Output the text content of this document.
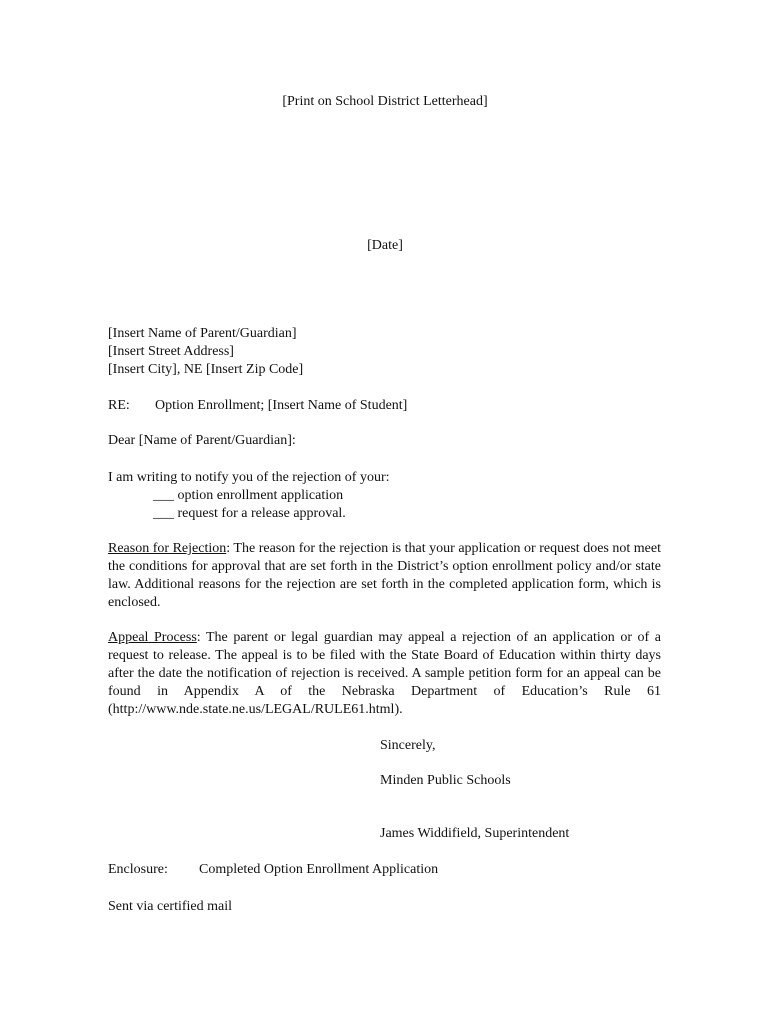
[Print on School District Letterhead]
[Date]
[Insert Name of Parent/Guardian]
[Insert Street Address]
[Insert City], NE [Insert Zip Code]
RE: Option Enrollment; [Insert Name of Student]
Dear [Name of Parent/Guardian]:
I am writing to notify you of the rejection of your:
___ option enrollment application
___ request for a release approval.
Reason for Rejection: The reason for the rejection is that your application or request does not meet the conditions for approval that are set forth in the District’s option enrollment policy and/or state law. Additional reasons for the rejection are set forth in the completed application form, which is enclosed.
Appeal Process: The parent or legal guardian may appeal a rejection of an application or of a request to release. The appeal is to be filed with the State Board of Education within thirty days after the date the notification of rejection is received. A sample petition form for an appeal can be found in Appendix A of the Nebraska Department of Education’s Rule 61 (http://www.nde.state.ne.us/LEGAL/RULE61.html).
Sincerely,
Minden Public Schools
James Widdifield, Superintendent
Enclosure: Completed Option Enrollment Application
Sent via certified mail
